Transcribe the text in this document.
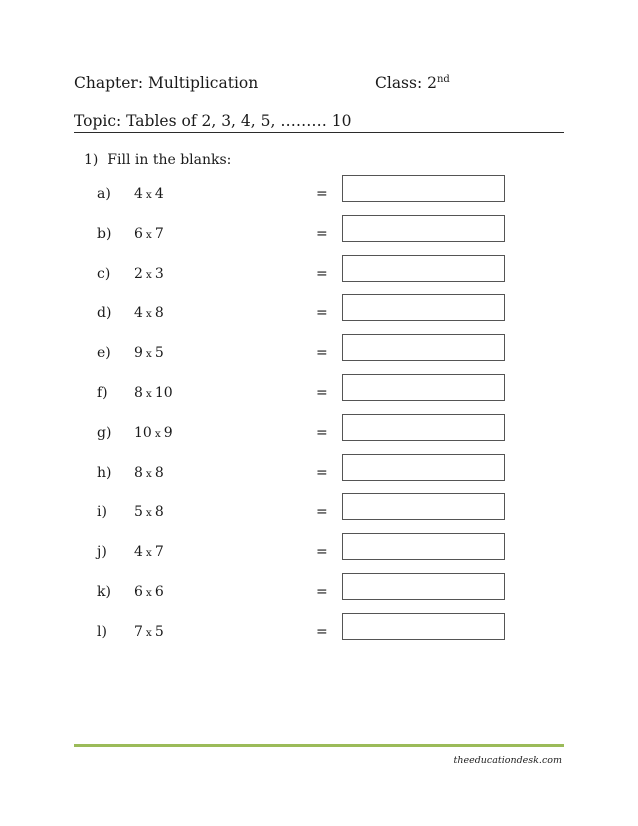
Chapter: Multiplication	Class: 2nd
Topic: Tables of 2, 3, 4, 5, ……… 10
1) Fill in the blanks:
a) 4 x 4	=
b) 6 x 7	=
c) 2 x 3	=
d) 4 x 8	=
e) 9 x 5	=
f) 8 x 10	=
g) 10 x 9	=
h) 8 x 8	=
i) 5 x 8	=
j) 4 x 7	=
k) 6 x 6	=
l) 7 x 5	=
theeducationdesk.com
